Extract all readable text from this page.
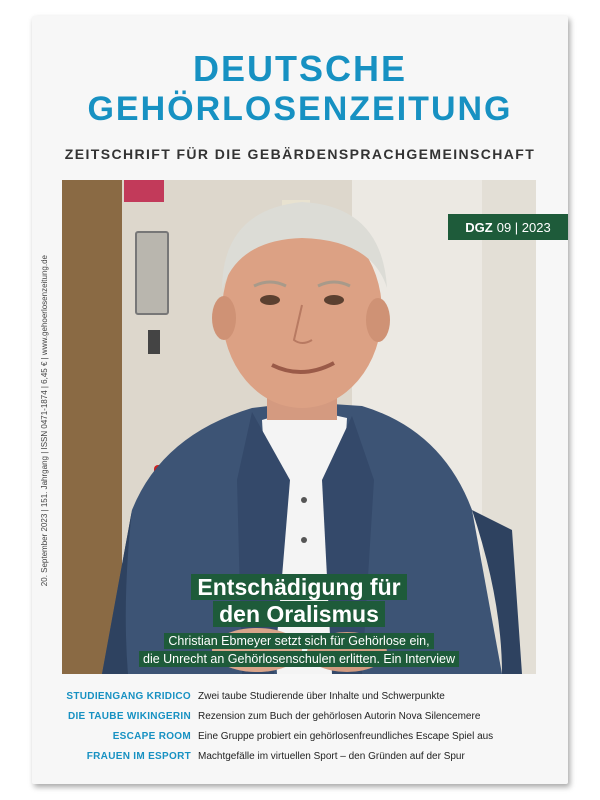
DEUTSCHE
GEHÖRLOSENZEITUNG
ZEITSCHRIFT FÜR DIE GEBÄRDENSPRACHGEMEINSCHAFT
20. September 2023 | 151. Jahrgang | ISSN 0471-1874 | 6,45 € | www.gehoerlosenzeitung.de
DGZ 09 | 2023
Entschädigung für
den Oralismus
Christian Ebmeyer setzt sich für Gehörlose ein,
die Unrecht an Gehörlosenschulen erlitten. Ein Interview
STUDIENGANG KRIDICO Zwei taube Studierende über Inhalte und Schwerpunkte
DIE TAUBE WIKINGERIN Rezension zum Buch der gehörlosen Autorin Nova Silencemere
ESCAPE ROOM Eine Gruppe probiert ein gehörlosenfreundliches Escape Spiel aus
FRAUEN IM ESPORT Machtgefälle im virtuellen Sport – den Gründen auf der Spur
